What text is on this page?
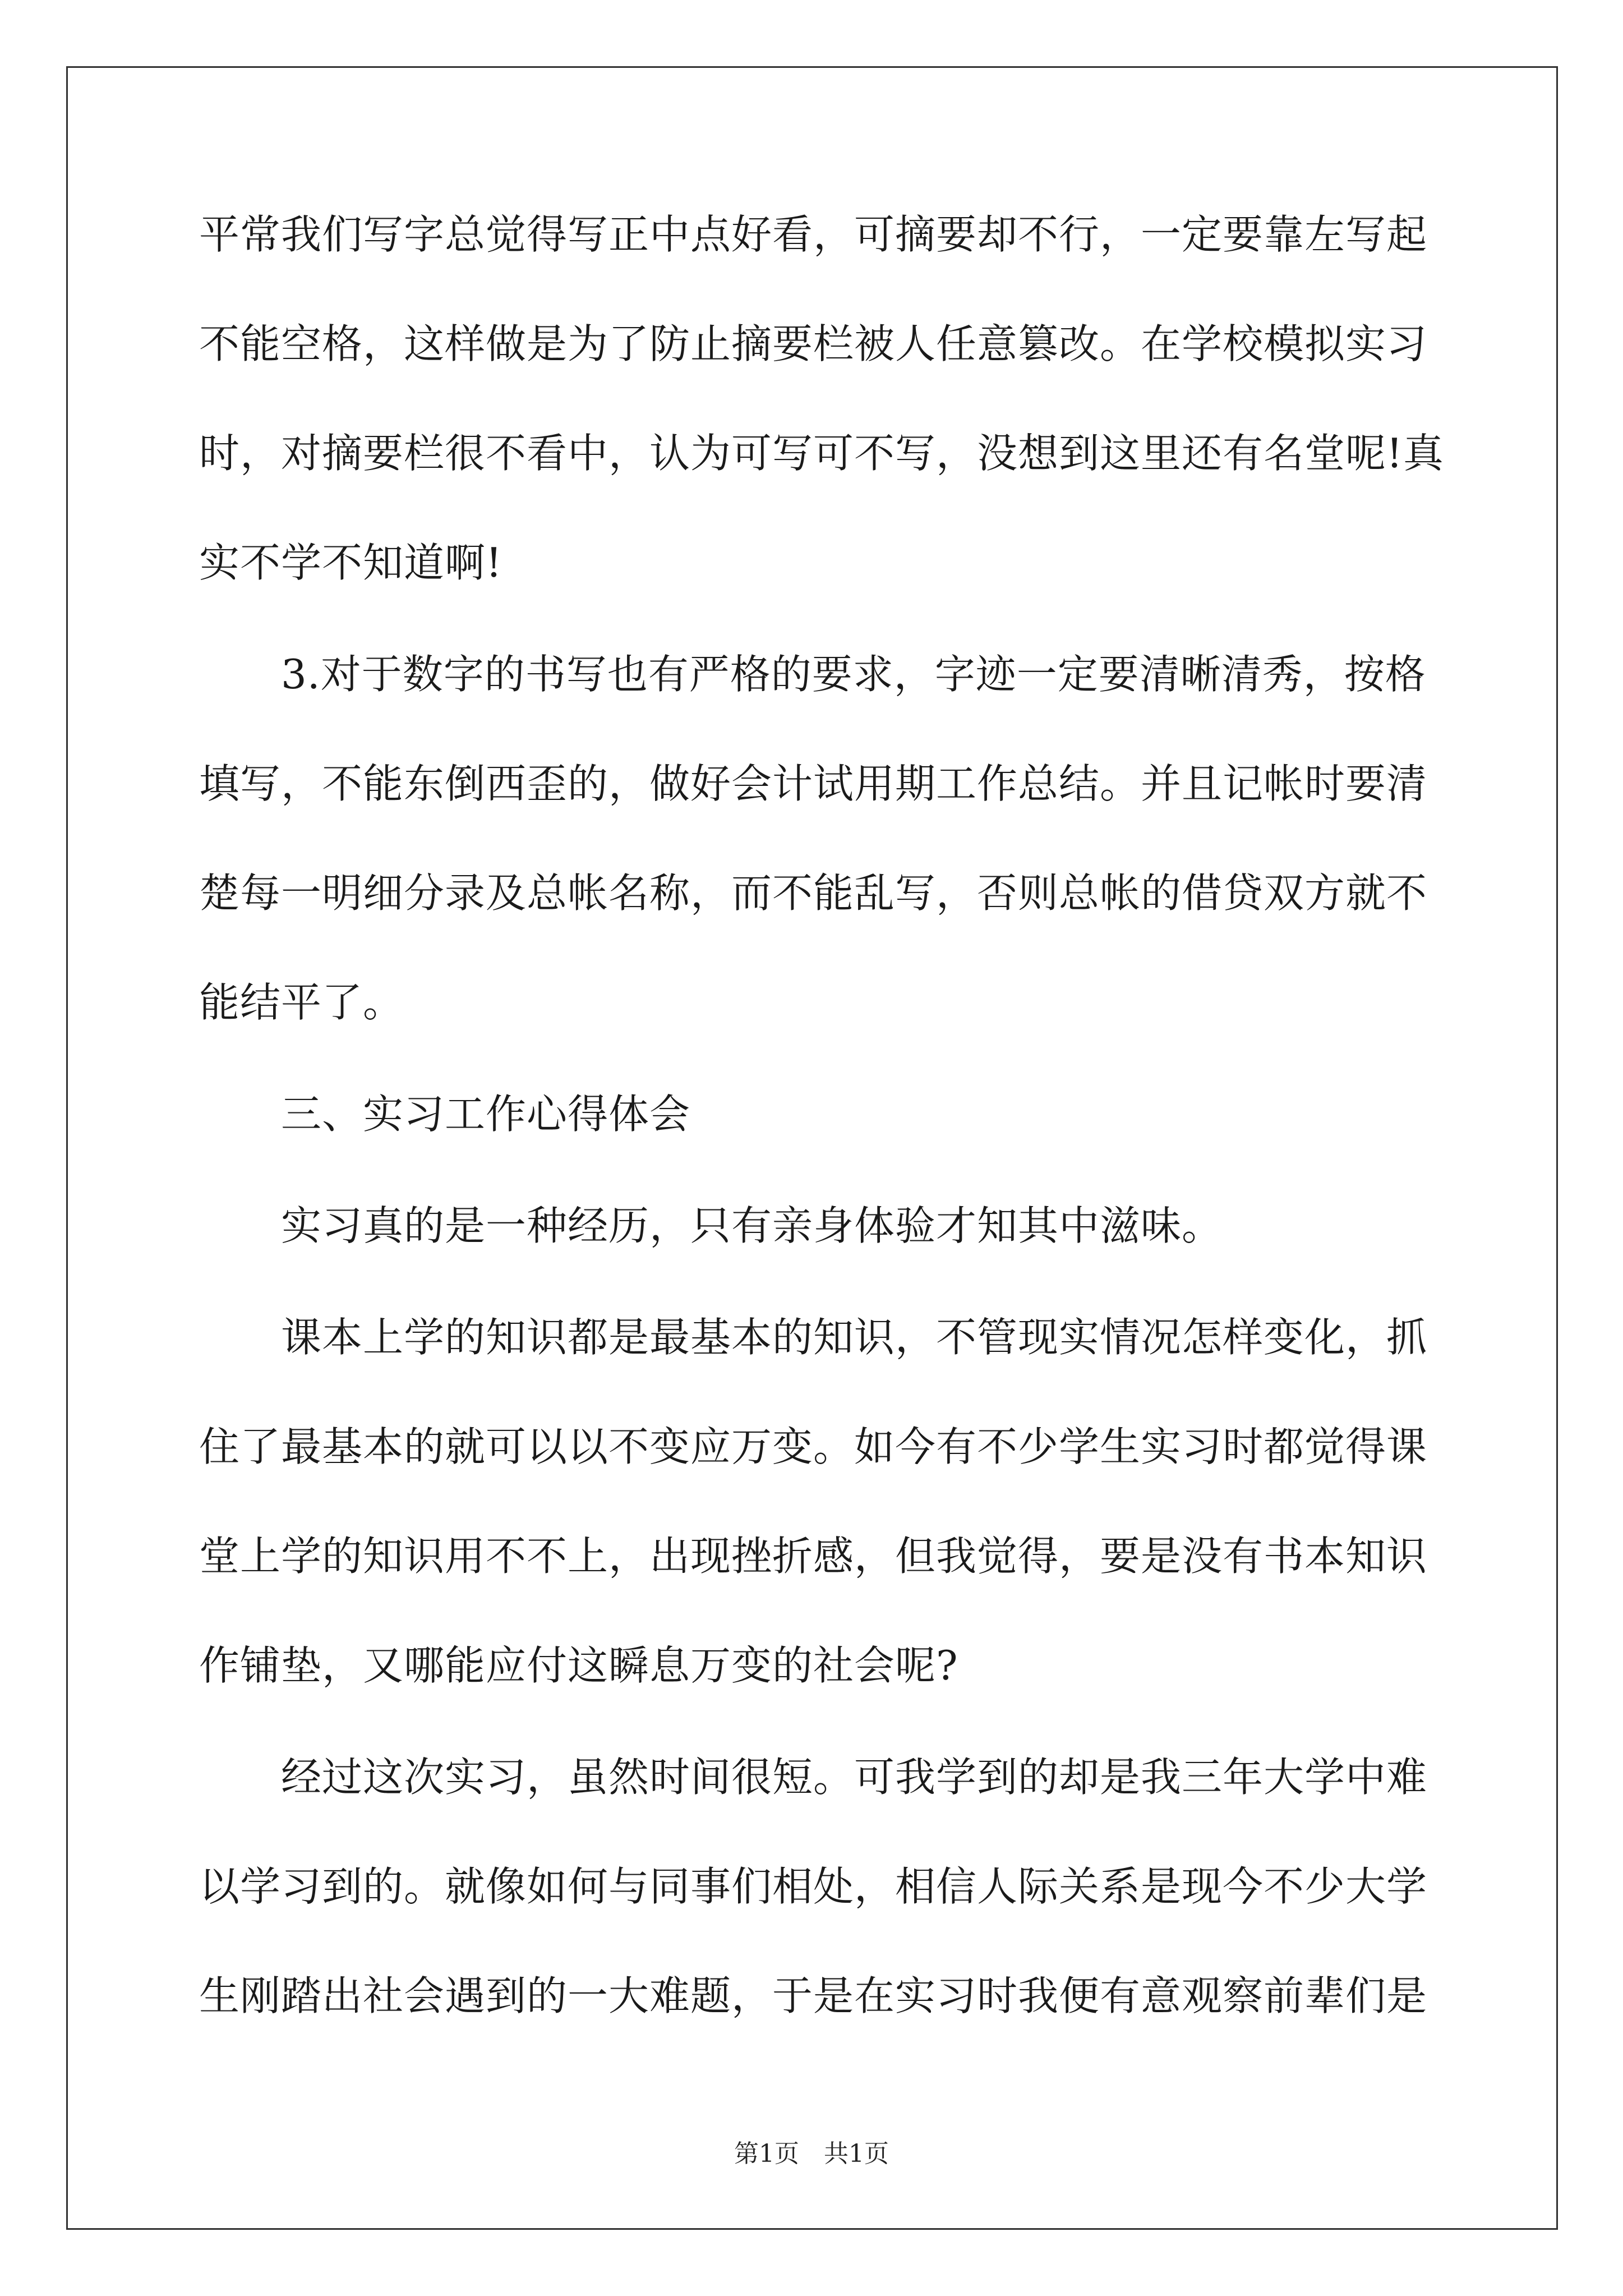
平常我们写字总觉得写正中点好看，可摘要却不行，一定要靠左写起

不能空格，这样做是为了防止摘要栏被人任意篡改。在学校模拟实习

时，对摘要栏很不看中，认为可写可不写，没想到这里还有名堂呢!真

实不学不知道啊!

3.对于数字的书写也有严格的要求，字迹一定要清晰清秀，按格

填写，不能东倒西歪的，做好会计试用期工作总结。并且记帐时要清

楚每一明细分录及总帐名称，而不能乱写，否则总帐的借贷双方就不

能结平了。

三、实习工作心得体会

实习真的是一种经历，只有亲身体验才知其中滋味。

课本上学的知识都是最基本的知识，不管现实情况怎样变化，抓

住了最基本的就可以以不变应万变。如今有不少学生实习时都觉得课

堂上学的知识用不不上，出现挫折感，但我觉得，要是没有书本知识

作铺垫，又哪能应付这瞬息万变的社会呢?

经过这次实习，虽然时间很短。可我学到的却是我三年大学中难

以学习到的。就像如何与同事们相处，相信人际关系是现今不少大学

生刚踏出社会遇到的一大难题，于是在实习时我便有意观察前辈们是

第1页　共1页
